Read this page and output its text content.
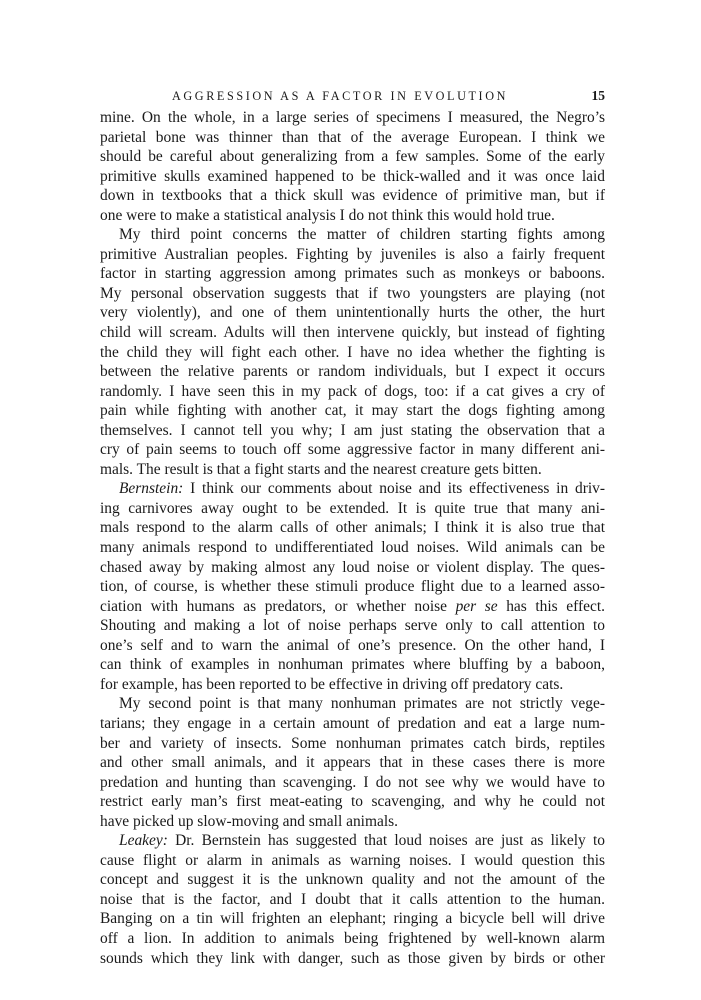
AGGRESSION AS A FACTOR IN EVOLUTION	15
mine. On the whole, in a large series of specimens I measured, the Negro’s
parietal bone was thinner than that of the average European. I think we
should be careful about generalizing from a few samples. Some of the early
primitive skulls examined happened to be thick-walled and it was once laid
down in textbooks that a thick skull was evidence of primitive man, but if
one were to make a statistical analysis I do not think this would hold true.
My third point concerns the matter of children starting fights among
primitive Australian peoples. Fighting by juveniles is also a fairly frequent
factor in starting aggression among primates such as monkeys or baboons.
My personal observation suggests that if two youngsters are playing (not
very violently), and one of them unintentionally hurts the other, the hurt
child will scream. Adults will then intervene quickly, but instead of fighting
the child they will fight each other. I have no idea whether the fighting is
between the relative parents or random individuals, but I expect it occurs
randomly. I have seen this in my pack of dogs, too: if a cat gives a cry of
pain while fighting with another cat, it may start the dogs fighting among
themselves. I cannot tell you why; I am just stating the observation that a
cry of pain seems to touch off some aggressive factor in many different ani-
mals. The result is that a fight starts and the nearest creature gets bitten.
Bernstein: I think our comments about noise and its effectiveness in driv-
ing carnivores away ought to be extended. It is quite true that many ani-
mals respond to the alarm calls of other animals; I think it is also true that
many animals respond to undifferentiated loud noises. Wild animals can be
chased away by making almost any loud noise or violent display. The ques-
tion, of course, is whether these stimuli produce flight due to a learned asso-
ciation with humans as predators, or whether noise per se has this effect.
Shouting and making a lot of noise perhaps serve only to call attention to
one’s self and to warn the animal of one’s presence. On the other hand, I
can think of examples in nonhuman primates where bluffing by a baboon,
for example, has been reported to be effective in driving off predatory cats.
My second point is that many nonhuman primates are not strictly vege-
tarians; they engage in a certain amount of predation and eat a large num-
ber and variety of insects. Some nonhuman primates catch birds, reptiles
and other small animals, and it appears that in these cases there is more
predation and hunting than scavenging. I do not see why we would have to
restrict early man’s first meat-eating to scavenging, and why he could not
have picked up slow-moving and small animals.
Leakey: Dr. Bernstein has suggested that loud noises are just as likely to
cause flight or alarm in animals as warning noises. I would question this
concept and suggest it is the unknown quality and not the amount of the
noise that is the factor, and I doubt that it calls attention to the human.
Banging on a tin will frighten an elephant; ringing a bicycle bell will drive
off a lion. In addition to animals being frightened by well-known alarm
sounds which they link with danger, such as those given by birds or other
